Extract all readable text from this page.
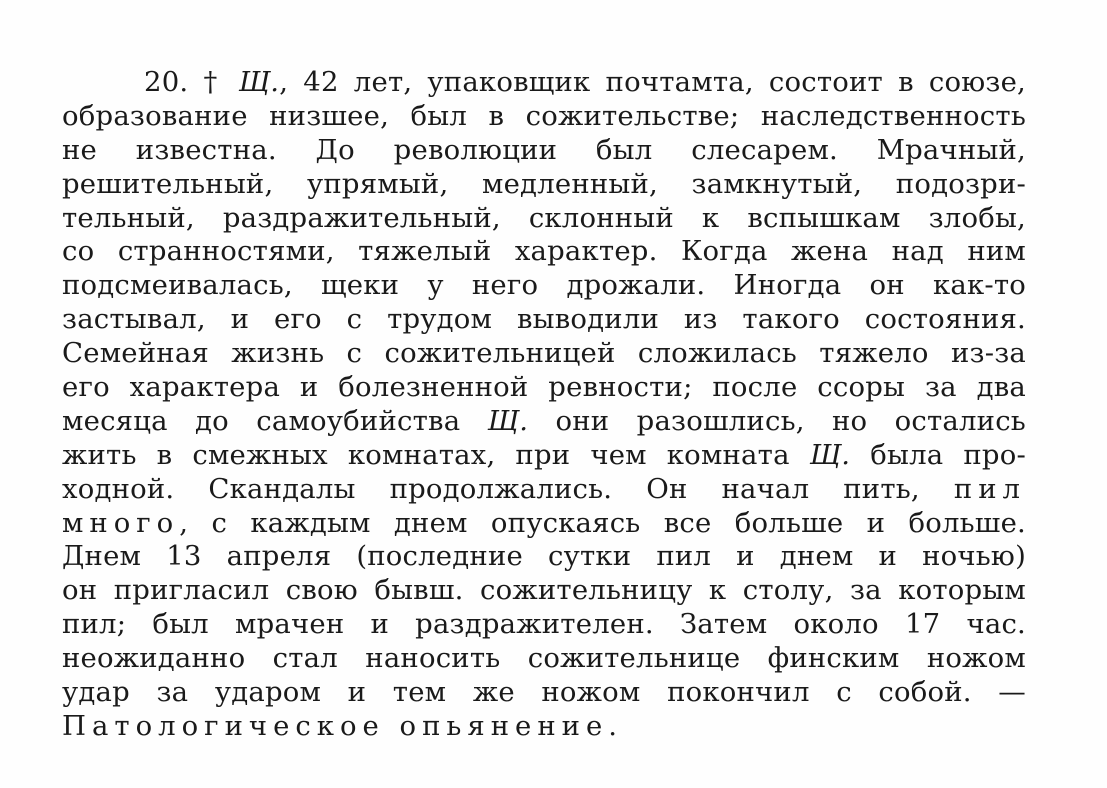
20. † Щ., 42 лет, упаковщик почтамта, состоит в союзе,
образование низшее, был в сожительстве; наследственность
не известна. До революции был слесарем. Мрачный,
решительный, упрямый, медленный, замкнутый, подозри-
тельный, раздражительный, склонный к вспышкам злобы,
со странностями, тяжелый характер. Когда жена над ним
подсмеивалась, щеки у него дрожали. Иногда он как-то
застывал, и его с трудом выводили из такого состояния.
Семейная жизнь с сожительницей сложилась тяжело из-за
его характера и болезненной ревности; после ссоры за два
месяца до самоубийства Щ. они разошлись, но остались
жить в смежных комнатах, при чем комната Щ. была про-
ходной. Скандалы продолжались. Он начал пить, пил
много, с каждым днем опускаясь все больше и больше.
Днем 13 апреля (последние сутки пил и днем и ночью)
он пригласил свою бывш. сожительницу к столу, за которым
пил; был мрачен и раздражителен. Затем около 17 час.
неожиданно стал наносить сожительнице финским ножом
удар за ударом и тем же ножом покончил с собой. —
Патологическое опьянение.
